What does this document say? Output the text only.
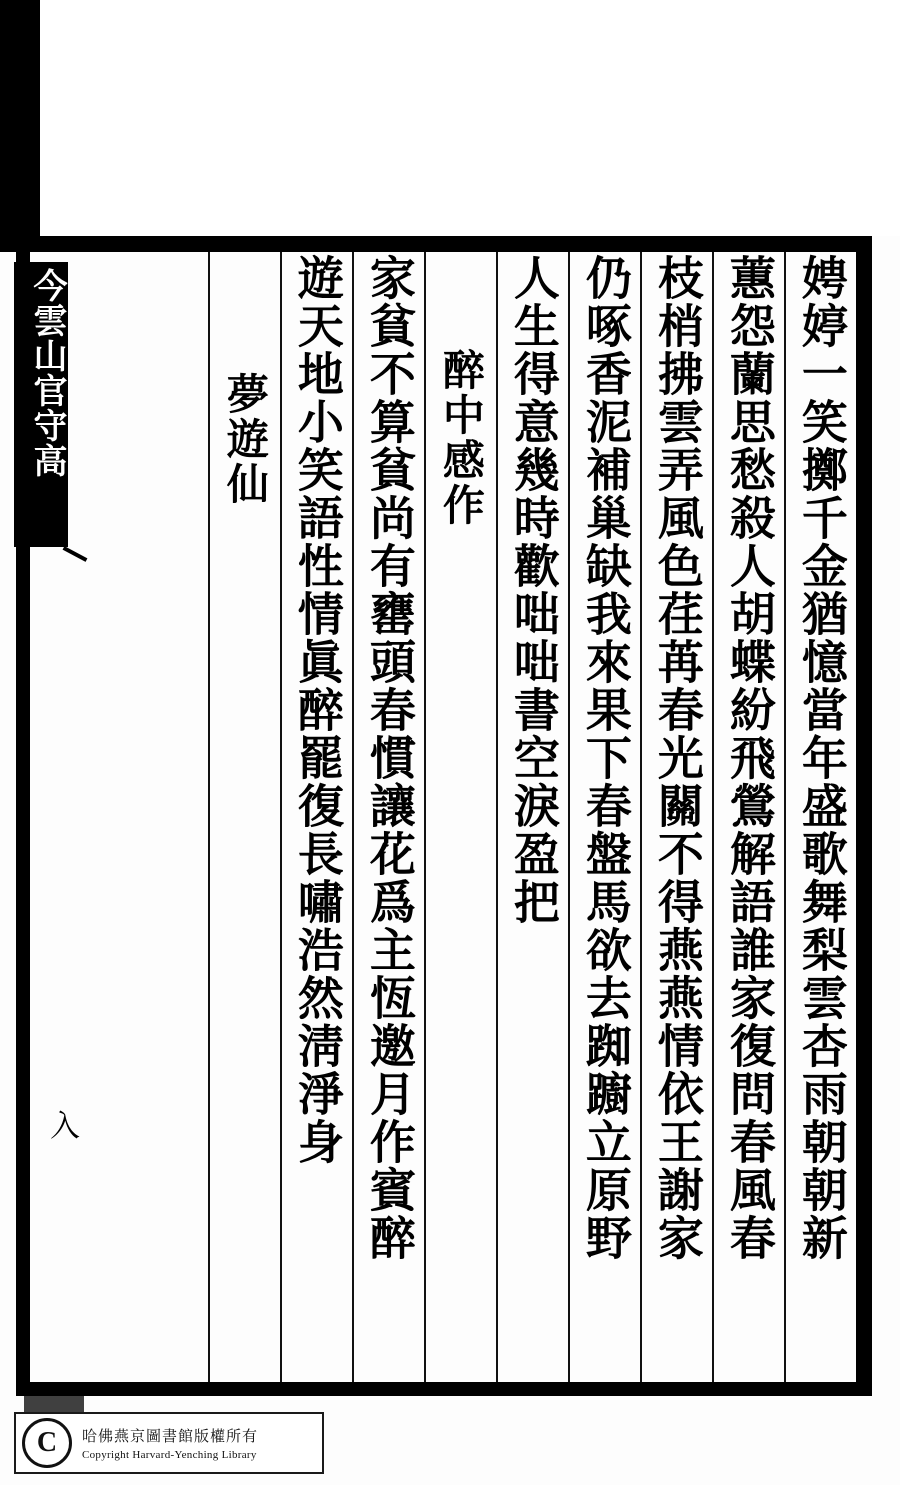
娉婷一笑擲千金猶憶當年盛歌舞梨雲杏雨朝朝新
蕙怨蘭思愁殺人胡蝶紛飛鶯解語誰家復問春風春
枝梢拂雲弄風色荏苒春光關不得燕燕情依王謝家
仍啄香泥補巢缺我來果下春盤馬欲去踟躕立原野
人生得意幾時歡咄咄書空淚盈把
醉中感作
家貧不算貧尚有罋頭春慣讓花爲主恆邀月作賓醉
遊天地小笑語性情眞醉罷復長嘯浩然淸淨身
夢遊仙
今雲山官守高
入
C	哈佛燕京圖書館版權所有
Copyright Harvard-Yenching Library
